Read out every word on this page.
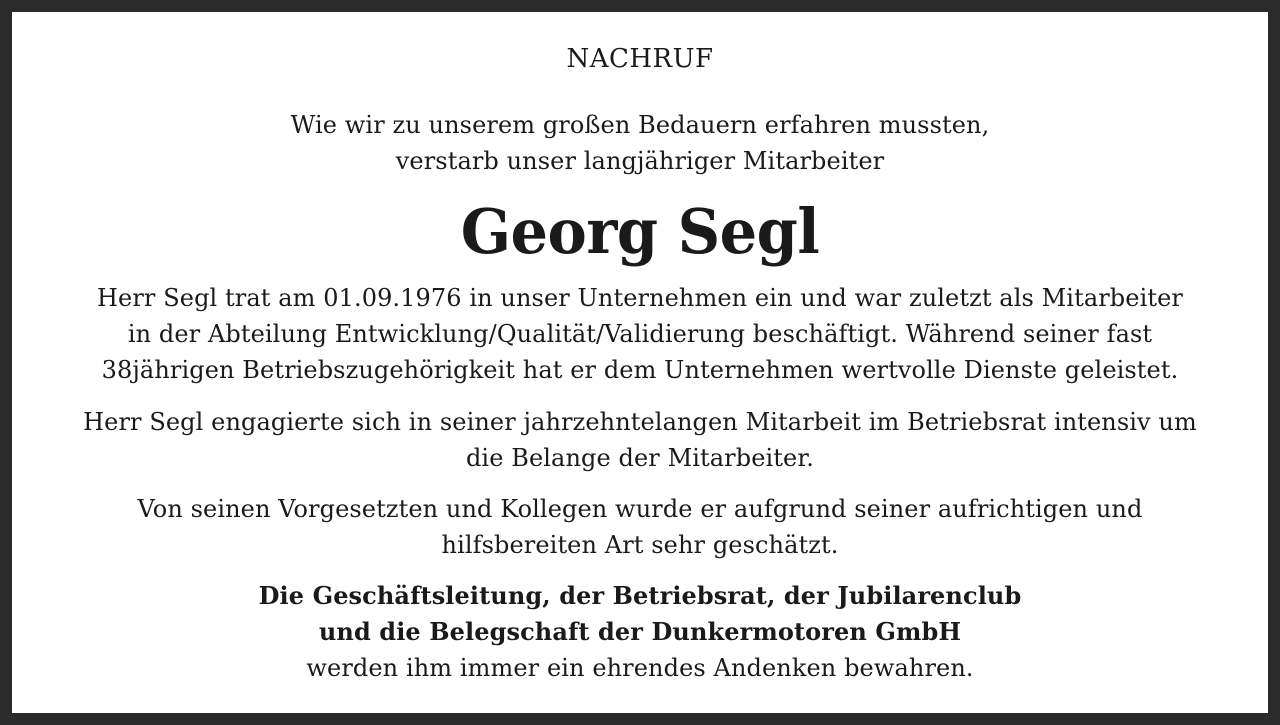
NACHRUF
Wie wir zu unserem großen Bedauern erfahren mussten,
verstarb unser langjähriger Mitarbeiter
Georg Segl
Herr Segl trat am 01.09.1976 in unser Unternehmen ein und war zuletzt als Mitarbeiter
in der Abteilung Entwicklung/Qualität/Validierung beschäftigt. Während seiner fast
38jährigen Betriebszugehörigkeit hat er dem Unternehmen wertvolle Dienste geleistet.
Herr Segl engagierte sich in seiner jahrzehntelangen Mitarbeit im Betriebsrat intensiv um
die Belange der Mitarbeiter.
Von seinen Vorgesetzten und Kollegen wurde er aufgrund seiner aufrichtigen und
hilfsbereiten Art sehr geschätzt.
Die Geschäftsleitung, der Betriebsrat, der Jubilarenclub
und die Belegschaft der Dunkermotoren GmbH
werden ihm immer ein ehrendes Andenken bewahren.
